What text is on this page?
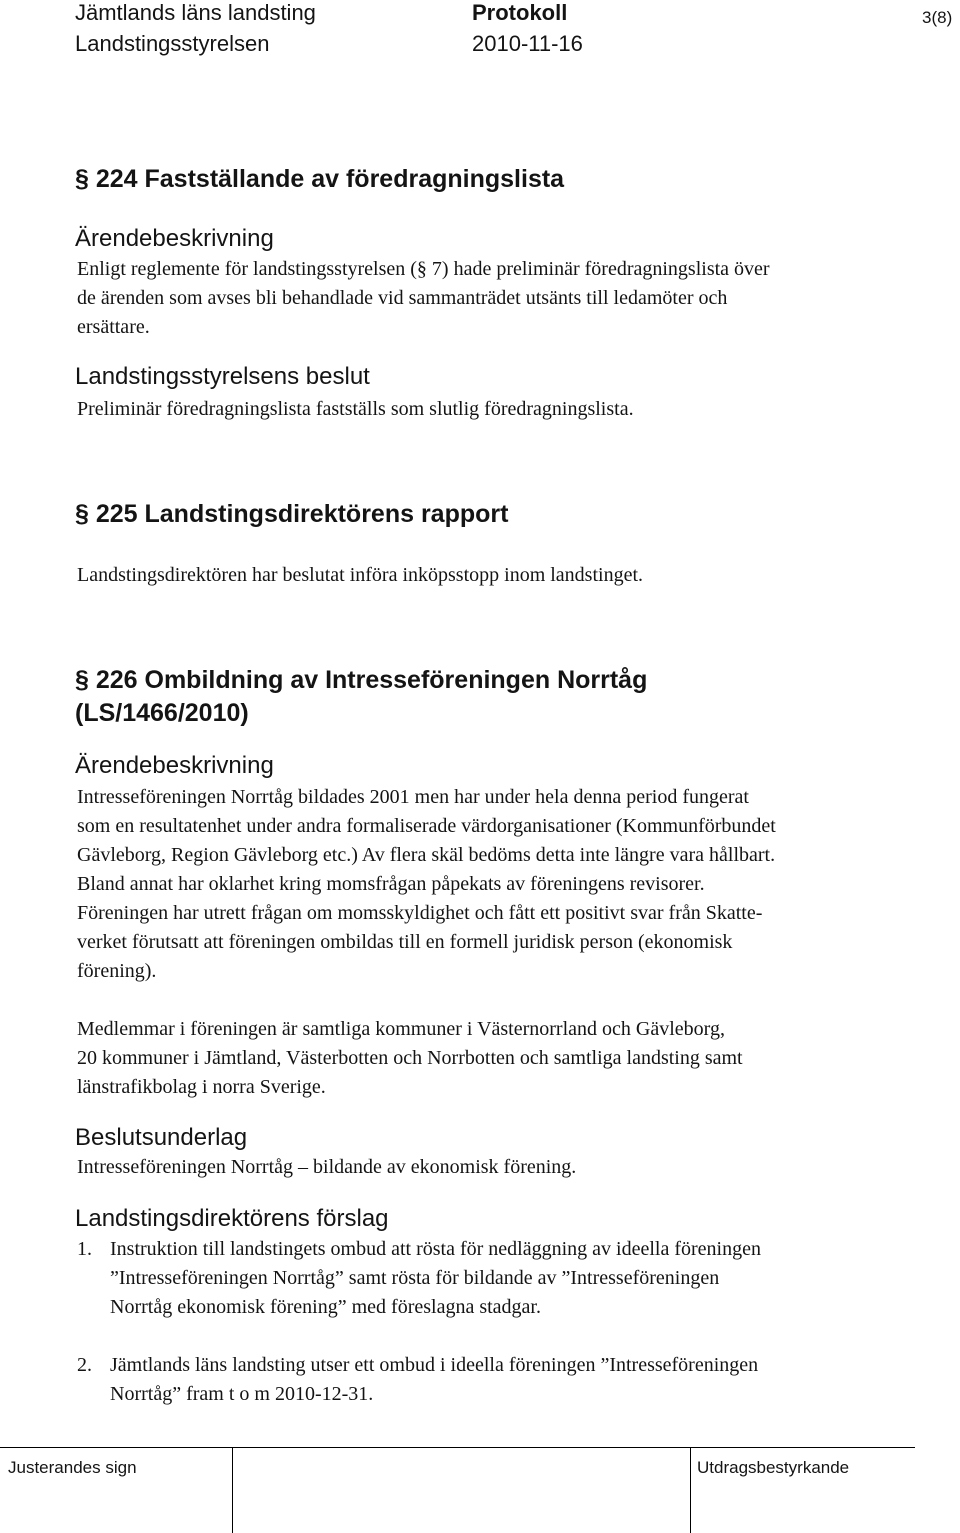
Jämtlands läns landsting	Protokoll	3(8)
Landstingsstyrelsen	2010-11-16
§ 224 Fastställande av föredragningslista
Ärendebeskrivning
Enligt reglemente för landstingsstyrelsen (§ 7) hade preliminär föredragningslista över
de ärenden som avses bli behandlade vid sammanträdet utsänts till ledamöter och
ersättare.
Landstingsstyrelsens beslut
Preliminär föredragningslista fastställs som slutlig föredragningslista.
§ 225 Landstingsdirektörens rapport
Landstingsdirektören har beslutat införa inköpsstopp inom landstinget.
§ 226 Ombildning av Intresseföreningen Norrtåg
(LS/1466/2010)
Ärendebeskrivning
Intresseföreningen Norrtåg bildades 2001 men har under hela denna period fungerat
som en resultatenhet under andra formaliserade värdorganisationer (Kommunförbundet
Gävleborg, Region Gävleborg etc.) Av flera skäl bedöms detta inte längre vara hållbart.
Bland annat har oklarhet kring momsfrågan påpekats av föreningens revisorer.
Föreningen har utrett frågan om momsskyldighet och fått ett positivt svar från Skatte-
verket förutsatt att föreningen ombildas till en formell juridisk person (ekonomisk
förening).
Medlemmar i föreningen är samtliga kommuner i Västernorrland och Gävleborg,
20 kommuner i Jämtland, Västerbotten och Norrbotten och samtliga landsting samt
länstrafikbolag i norra Sverige.
Beslutsunderlag
Intresseföreningen Norrtåg – bildande av ekonomisk förening.
Landstingsdirektörens förslag
1. Instruktion till landstingets ombud att rösta för nedläggning av ideella föreningen
”Intresseföreningen Norrtåg” samt rösta för bildande av ”Intresseföreningen
Norrtåg ekonomisk förening” med föreslagna stadgar.
2. Jämtlands läns landsting utser ett ombud i ideella föreningen ”Intresseföreningen
Norrtåg” fram t o m 2010-12-31.
Justerandes sign	Utdragsbestyrkande
